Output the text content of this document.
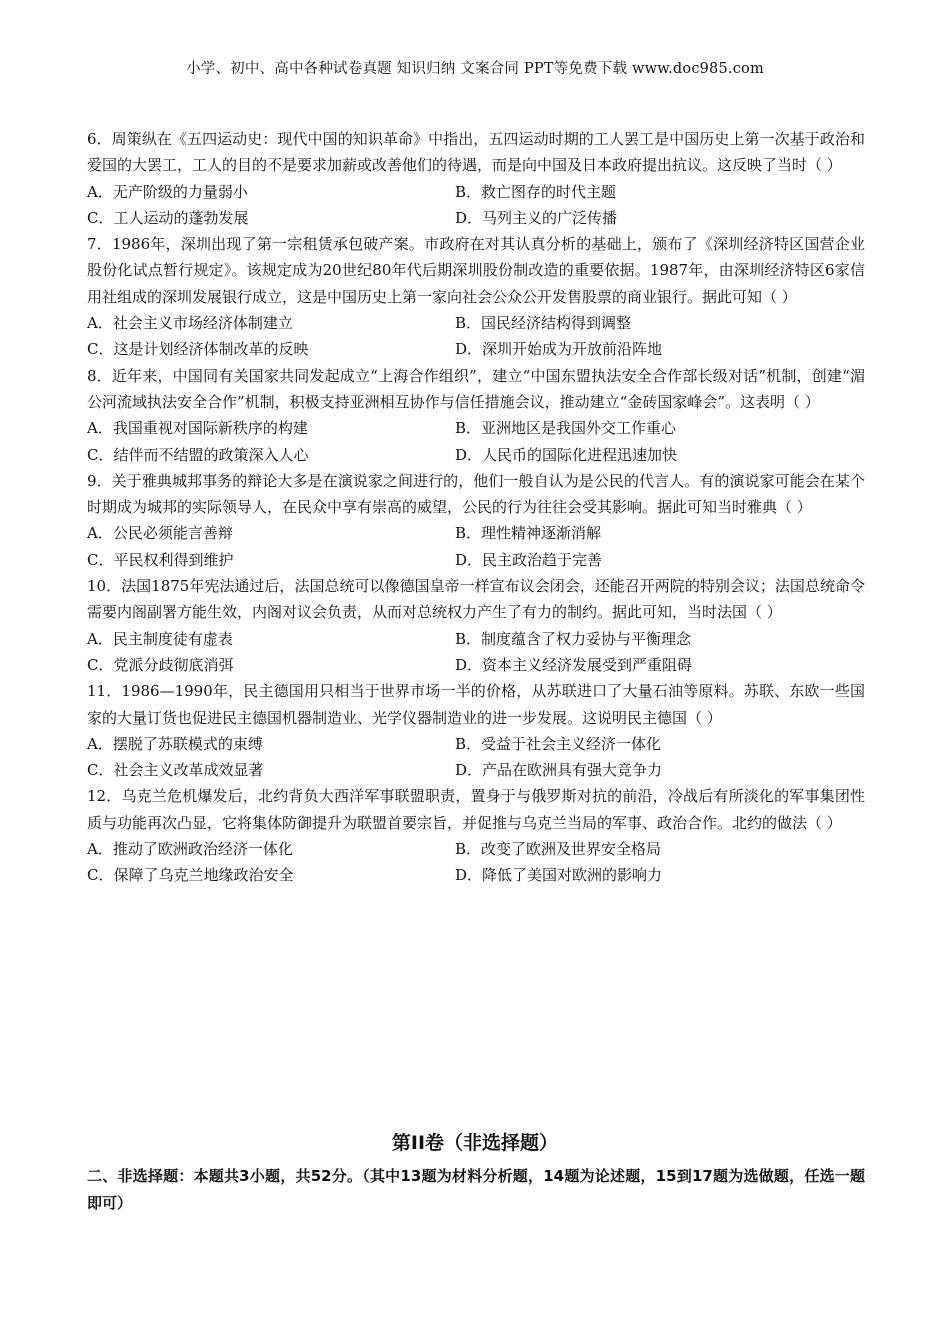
小学、初中、高中各种试卷真题 知识归纳 文案合同 PPT等免费下载 www.doc985.com
6．周策纵在《五四运动史：现代中国的知识革命》中指出，五四运动时期的工人罢工是中国历史上第一次基于政治和爱国的大罢工，工人的目的不是要求加薪或改善他们的待遇，而是向中国及日本政府提出抗议。这反映了当时（ ）
A．无产阶级的力量弱小	B．救亡图存的时代主题
C．工人运动的蓬勃发展	D．马列主义的广泛传播
7．1986年，深圳出现了第一宗租赁承包破产案。市政府在对其认真分析的基础上，颁布了《深圳经济特区国营企业股份化试点暂行规定》。该规定成为20世纪80年代后期深圳股份制改造的重要依据。1987年，由深圳经济特区6家信用社组成的深圳发展银行成立，这是中国历史上第一家向社会公众公开发售股票的商业银行。据此可知（ ）
A．社会主义市场经济体制建立	B．国民经济结构得到调整
C．这是计划经济体制改革的反映	D．深圳开始成为开放前沿阵地
8．近年来，中国同有关国家共同发起成立“上海合作组织”，建立“中国东盟执法安全合作部长级对话”机制，创建“湄公河流域执法安全合作”机制，积极支持亚洲相互协作与信任措施会议，推动建立“金砖国家峰会”。这表明（ ）
A．我国重视对国际新秩序的构建	B．亚洲地区是我国外交工作重心
C．结伴而不结盟的政策深入人心	D．人民币的国际化进程迅速加快
9．关于雅典城邦事务的辩论大多是在演说家之间进行的，他们一般自认为是公民的代言人。有的演说家可能会在某个时期成为城邦的实际领导人，在民众中享有崇高的威望，公民的行为往往会受其影响。据此可知当时雅典（ ）
A．公民必须能言善辩	B．理性精神逐渐消解
C．平民权利得到维护	D．民主政治趋于完善
10．法国1875年宪法通过后，法国总统可以像德国皇帝一样宣布议会闭会，还能召开两院的特别会议；法国总统命令需要内阁副署方能生效，内阁对议会负责，从而对总统权力产生了有力的制约。据此可知，当时法国（ ）
A．民主制度徒有虚表	B．制度蕴含了权力妥协与平衡理念
C．党派分歧彻底消弭	D．资本主义经济发展受到严重阻碍
11．1986—1990年，民主德国用只相当于世界市场一半的价格，从苏联进口了大量石油等原料。苏联、东欧一些国家的大量订货也促进民主德国机器制造业、光学仪器制造业的进一步发展。这说明民主德国（ ）
A．摆脱了苏联模式的束缚	B．受益于社会主义经济一体化
C．社会主义改革成效显著	D．产品在欧洲具有强大竞争力
12．乌克兰危机爆发后，北约背负大西洋军事联盟职责，置身于与俄罗斯对抗的前沿，冷战后有所淡化的军事集团性质与功能再次凸显，它将集体防御提升为联盟首要宗旨，并促推与乌克兰当局的军事、政治合作。北约的做法（ ）
A．推动了欧洲政治经济一体化	B．改变了欧洲及世界安全格局
C．保障了乌克兰地缘政治安全	D．降低了美国对欧洲的影响力
第II卷（非选择题）
二、非选择题：本题共3小题，共52分。（其中13题为材料分析题，14题为论述题，15到17题为选做题，任选一题即可）
